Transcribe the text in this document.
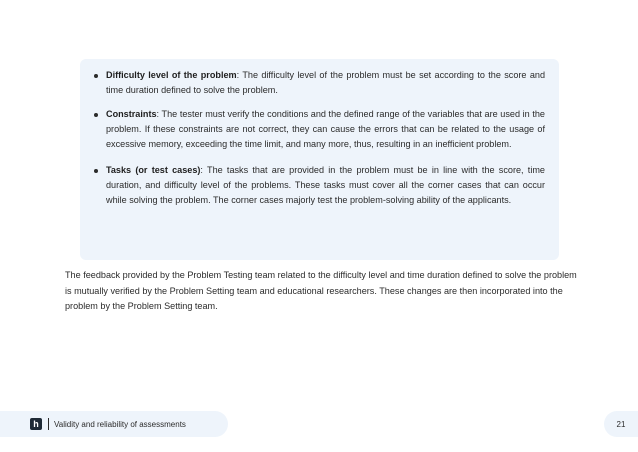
Difficulty level of the problem: The difficulty level of the problem must be set according to the score and time duration defined to solve the problem.
Constraints: The tester must verify the conditions and the defined range of the variables that are used in the problem. If these constraints are not correct, they can cause the errors that can be related to the usage of excessive memory, exceeding the time limit, and many more, thus, resulting in an inefficient problem.
Tasks (or test cases): The tasks that are provided in the problem must be in line with the score, time duration, and difficulty level of the problems. These tasks must cover all the corner cases that can occur while solving the problem. The corner cases majorly test the problem-solving ability of the applicants.

The feedback provided by the Problem Testing team related to the difficulty level and time duration defined to solve the problem is mutually verified by the Problem Setting team and educational researchers. These changes are then incorporated into the problem by the Problem Setting team.

h Validity and reliability of assessments	21
